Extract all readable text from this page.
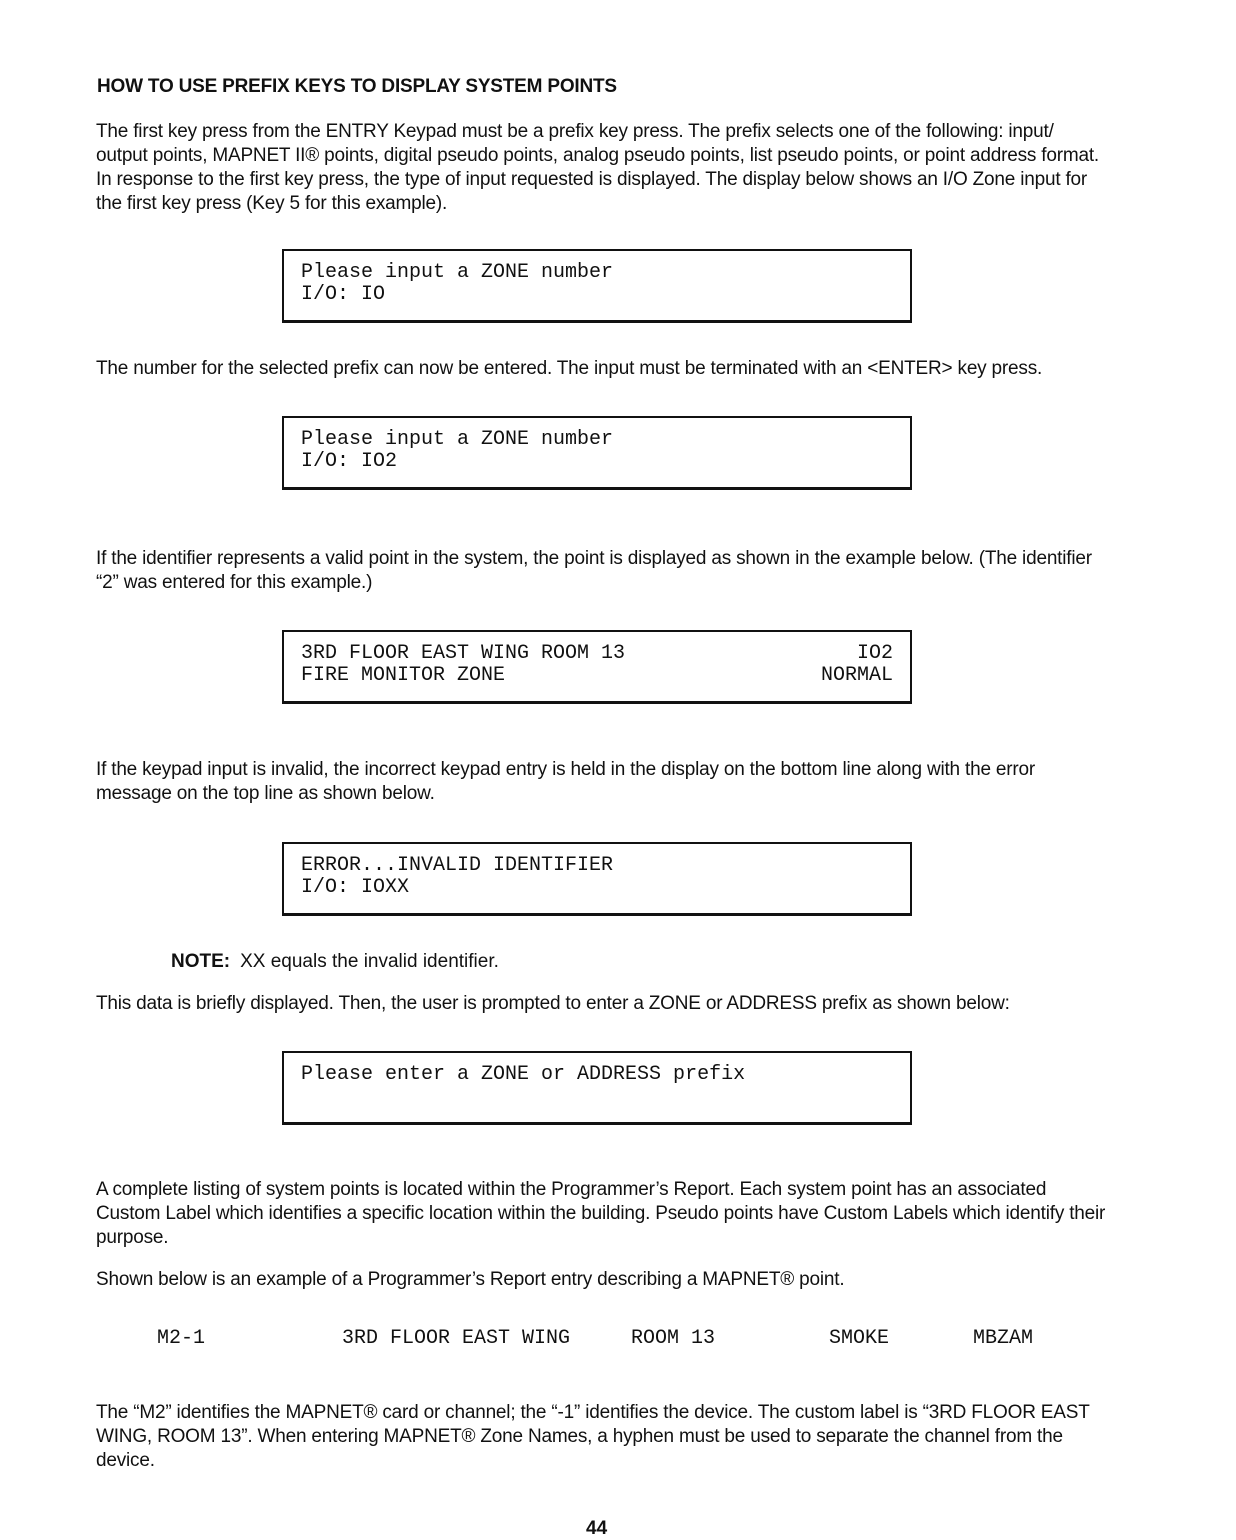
HOW TO USE PREFIX KEYS TO DISPLAY SYSTEM POINTS

The first key press from the ENTRY Keypad must be a prefix key press. The prefix selects one of the following: input/ output points, MAPNET II® points, digital pseudo points, analog pseudo points, list pseudo points, or point address format. In response to the first key press, the type of input requested is displayed. The display below shows an I/O Zone input for the first key press (Key 5 for this example).

Please input a ZONE number
I/O: IO

The number for the selected prefix can now be entered. The input must be terminated with an <ENTER> key press.

Please input a ZONE number
I/O: IO2

If the identifier represents a valid point in the system, the point is displayed as shown in the example below. (The identifier “2” was entered for this example.)

3RD FLOOR EAST WING ROOM 13	IO2
FIRE MONITOR ZONE	NORMAL

If the keypad input is invalid, the incorrect keypad entry is held in the display on the bottom line along with the error message on the top line as shown below.

ERROR...INVALID IDENTIFIER
I/O: IOXX

NOTE: XX equals the invalid identifier.

This data is briefly displayed. Then, the user is prompted to enter a ZONE or ADDRESS prefix as shown below:

Please enter a ZONE or ADDRESS prefix

A complete listing of system points is located within the Programmer’s Report. Each system point has an associated Custom Label which identifies a specific location within the building. Pseudo points have Custom Labels which identify their purpose.

Shown below is an example of a Programmer’s Report entry describing a MAPNET® point.

M2-1	3RD FLOOR EAST WING	ROOM 13	SMOKE	MBZAM

The “M2” identifies the MAPNET® card or channel; the “-1” identifies the device. The custom label is “3RD FLOOR EAST WING, ROOM 13”. When entering MAPNET® Zone Names, a hyphen must be used to separate the channel from the device.

44
